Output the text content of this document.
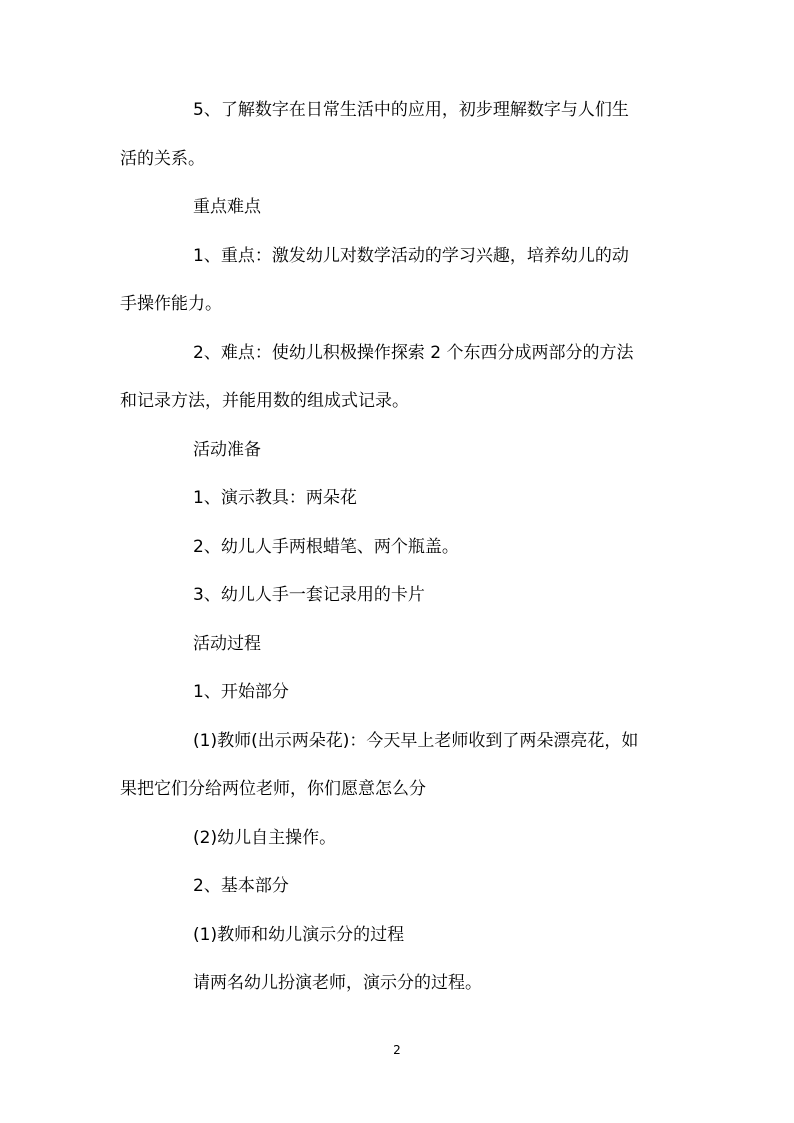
5、了解数字在日常生活中的应用，初步理解数字与人们生

活的关系。

重点难点

1、重点：激发幼儿对数学活动的学习兴趣，培养幼儿的动

手操作能力。

2、难点：使幼儿积极操作探索 2 个东西分成两部分的方法

和记录方法，并能用数的组成式记录。

活动准备

1、演示教具：两朵花

2、幼儿人手两根蜡笔、两个瓶盖。

3、幼儿人手一套记录用的卡片

活动过程

1、开始部分

(1)教师(出示两朵花)：今天早上老师收到了两朵漂亮花，如

果把它们分给两位老师，你们愿意怎么分

(2)幼儿自主操作。

2、基本部分

(1)教师和幼儿演示分的过程

请两名幼儿扮演老师，演示分的过程。

2
